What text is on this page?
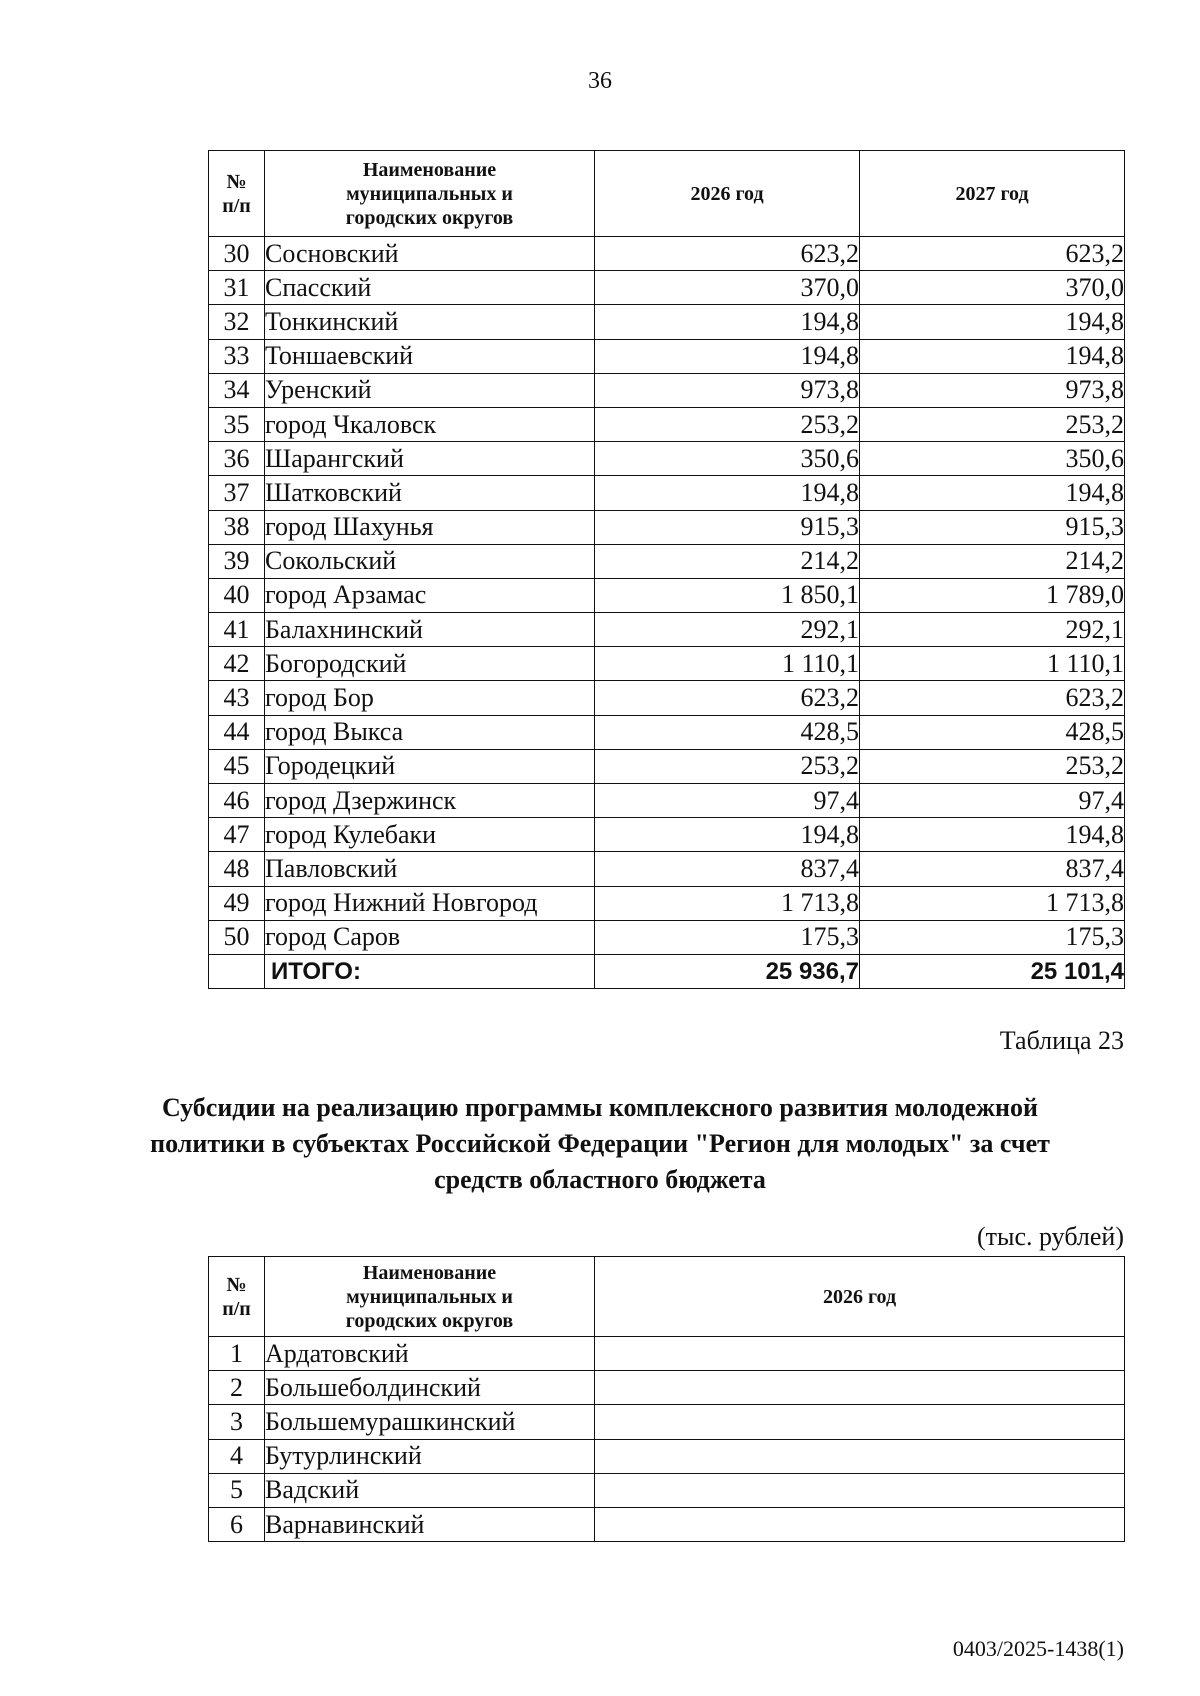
36
№ п/п	Наименование муниципальных и городских округов	2026 год	2027 год
30	Сосновский	623,2	623,2
31	Спасский	370,0	370,0
32	Тонкинский	194,8	194,8
33	Тоншаевский	194,8	194,8
34	Уренский	973,8	973,8
35	город Чкаловск	253,2	253,2
36	Шарангский	350,6	350,6
37	Шатковский	194,8	194,8
38	город Шахунья	915,3	915,3
39	Сокольский	214,2	214,2
40	город Арзамас	1 850,1	1 789,0
41	Балахнинский	292,1	292,1
42	Богородский	1 110,1	1 110,1
43	город Бор	623,2	623,2
44	город Выкса	428,5	428,5
45	Городецкий	253,2	253,2
46	город Дзержинск	97,4	97,4
47	город Кулебаки	194,8	194,8
48	Павловский	837,4	837,4
49	город Нижний Новгород	1 713,8	1 713,8
50	город Саров	175,3	175,3
	ИТОГО:	25 936,7	25 101,4
Таблица 23
Субсидии на реализацию программы комплексного развития молодежной политики в субъектах Российской Федерации "Регион для молодых" за счет средств областного бюджета
(тыс. рублей)
№ п/п	Наименование муниципальных и городских округов	2026 год
1	Ардатовский	
2	Большеболдинский	
3	Большемурашкинский	
4	Бутурлинский	
5	Вадский	
6	Варнавинский	
0403/2025-1438(1)
